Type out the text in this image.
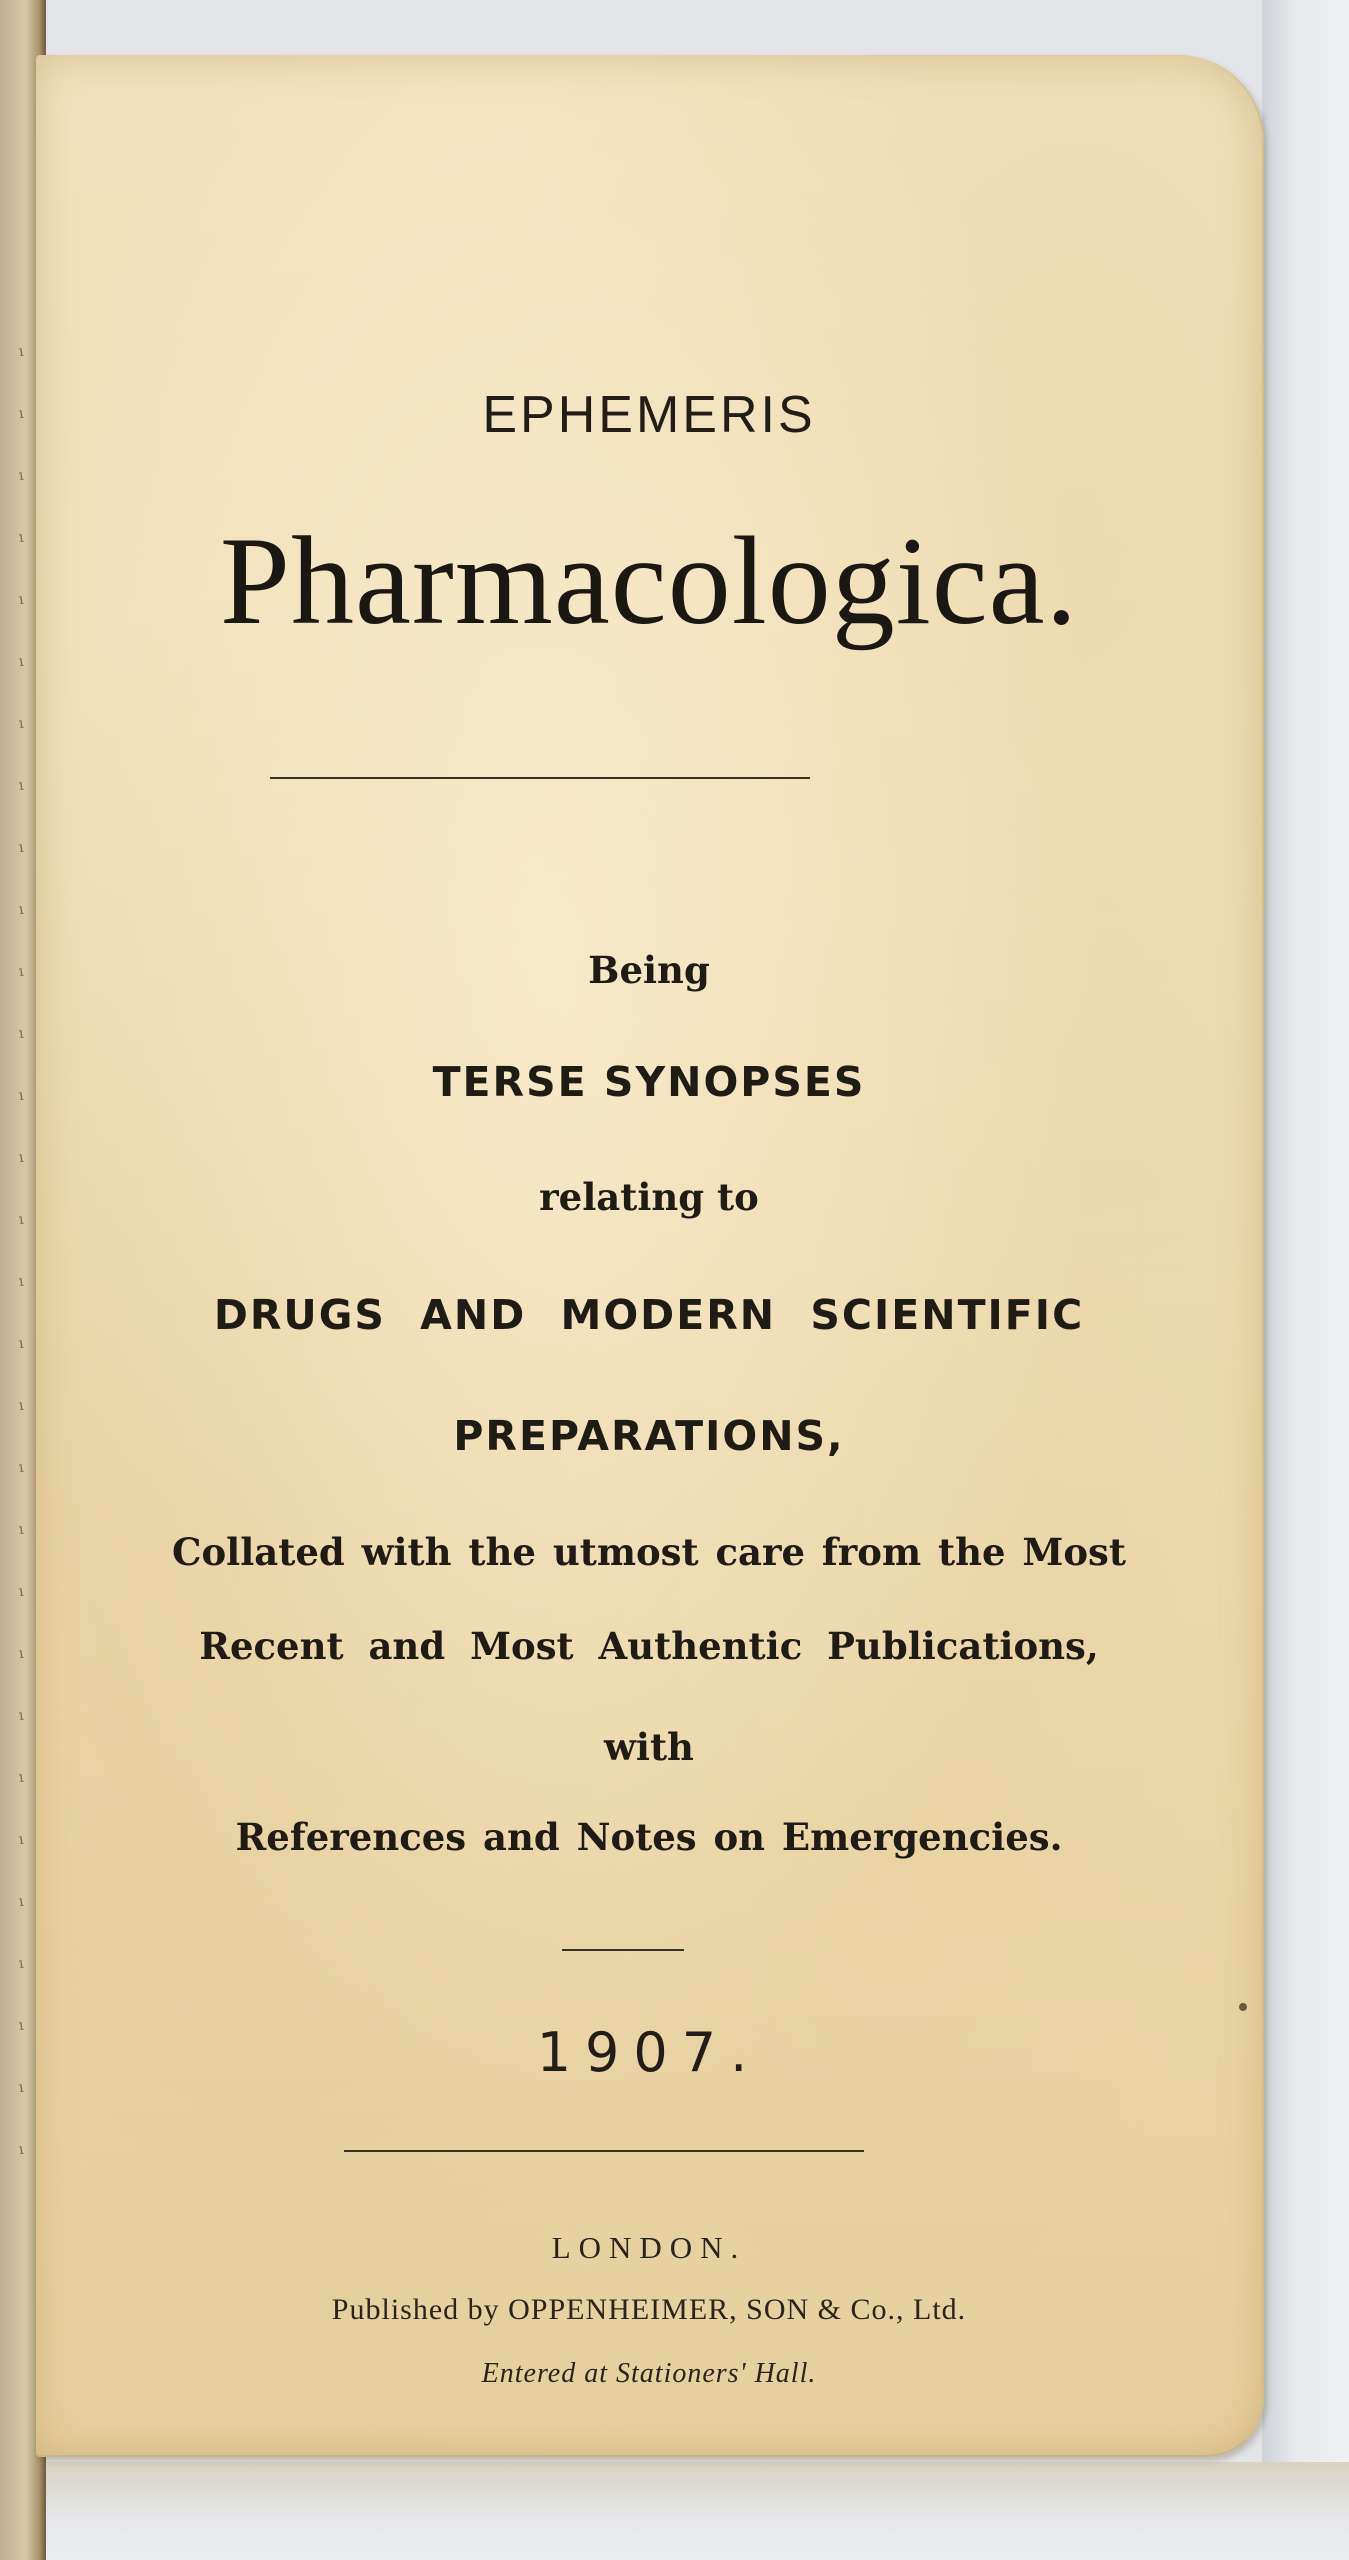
ı
ı
ı
ı
ı
ı
ı
ı
ı
ı
ı
ı
ı
ı
ı
ı
ı
ı
ı
ı
ı
ı
ı
ı
ı
ı
ı
ı
ı
ı

EPHEMERIS

Pharmacologica.

Being

TERSE SYNOPSES

relating to

DRUGS AND MODERN SCIENTIFIC

PREPARATIONS,

Collated with the utmost care from the Most

Recent and Most Authentic Publications,

with

References and Notes on Emergencies.

1907.

LONDON.

Published by OPPENHEIMER, SON & Co., Ltd.

Entered at Stationers' Hall.
